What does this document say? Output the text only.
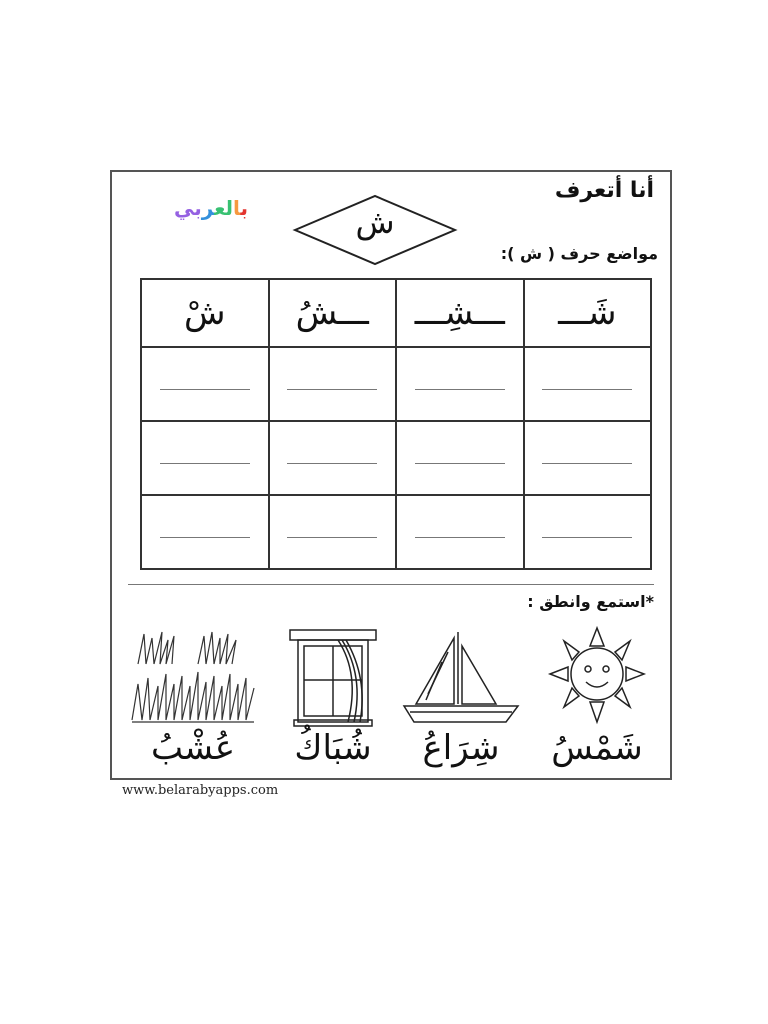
أنا أتعرف
بالعربي	ش
مواضع حرف ( ش ):
شَـــ	ـــشِـــ	ـــشُ	شْ

*استمع وانطق :
شَمْسُ
شِرَاعُ
شُبَاكُ
عُشْبُ
www.belarabyapps.com
